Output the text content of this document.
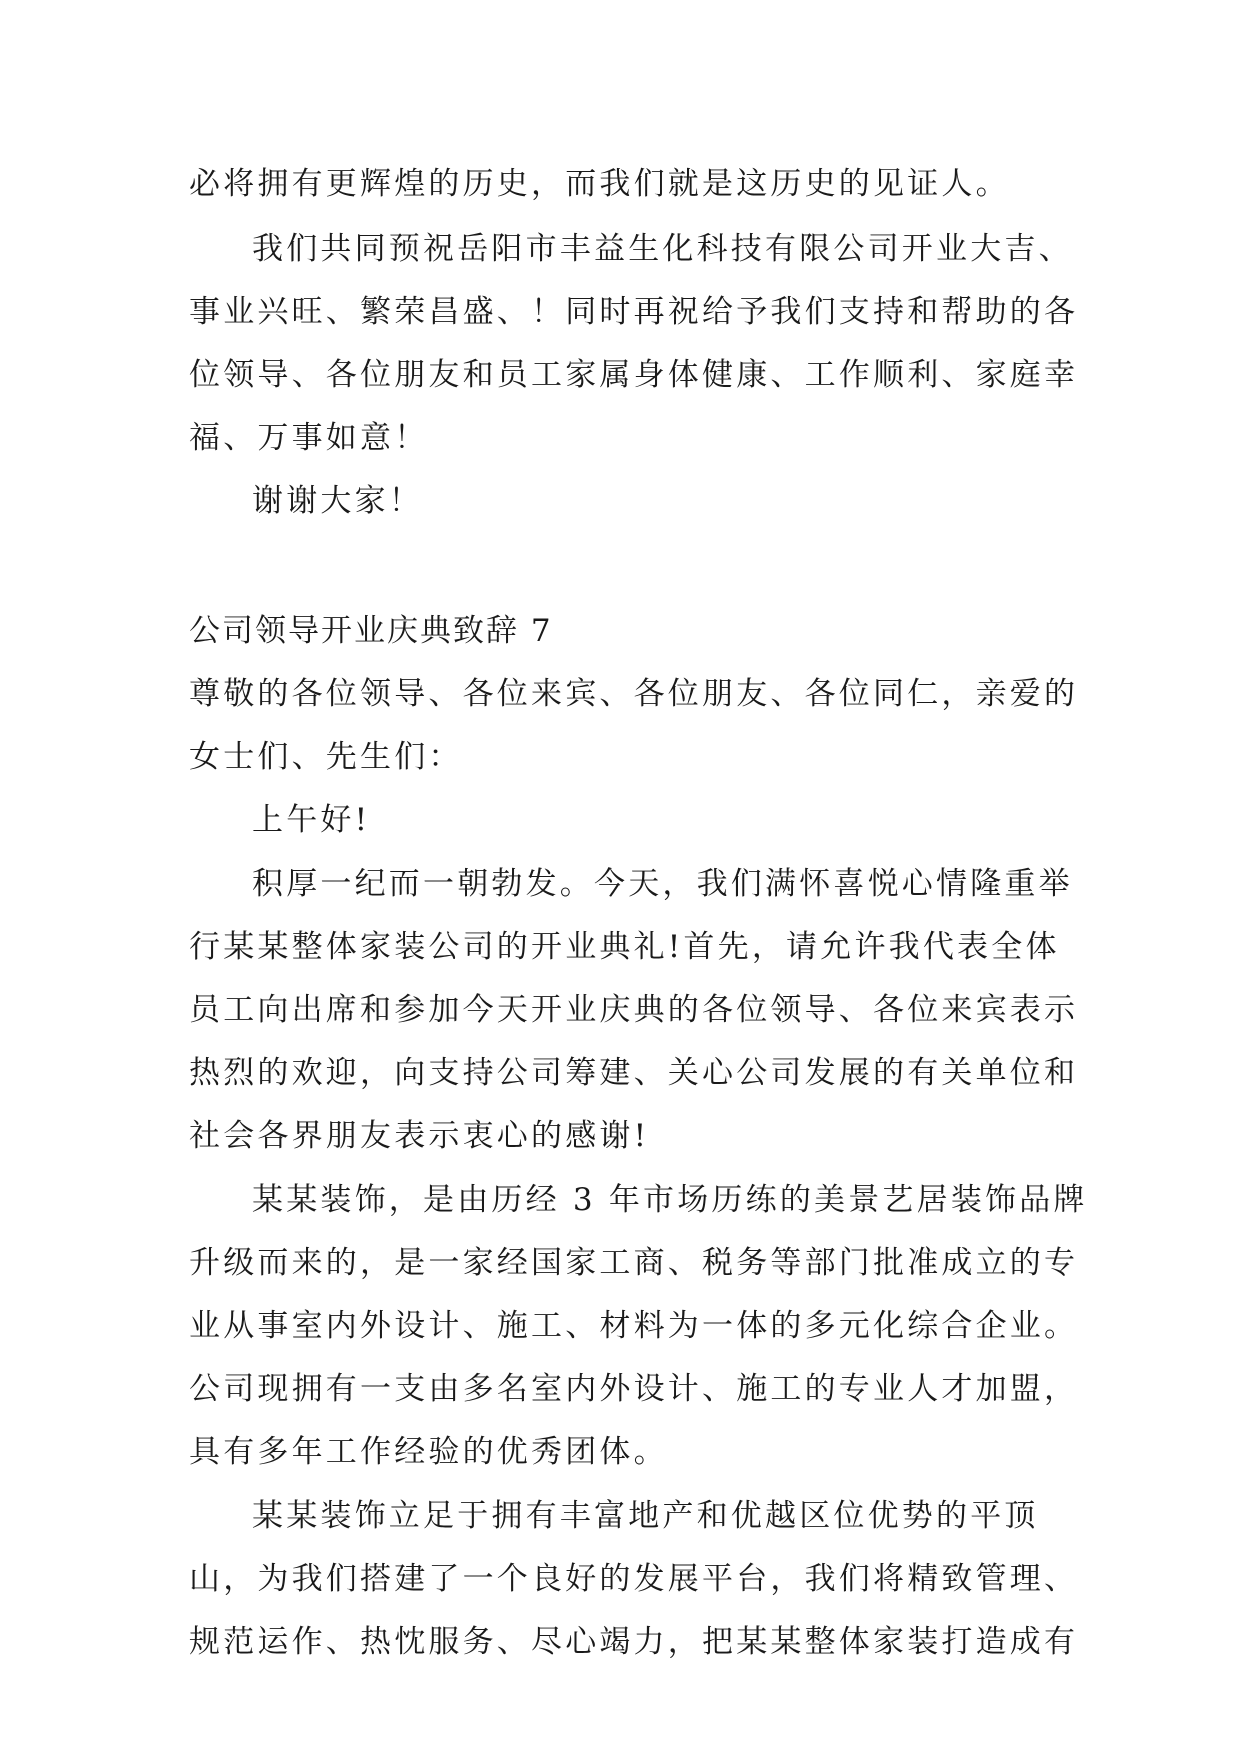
必将拥有更辉煌的历史，而我们就是这历史的见证人。
我们共同预祝岳阳市丰益生化科技有限公司开业大吉、
事业兴旺、繁荣昌盛、！同时再祝给予我们支持和帮助的各
位领导、各位朋友和员工家属身体健康、工作顺利、家庭幸
福、万事如意！
谢谢大家！
公司领导开业庆典致辞 7
尊敬的各位领导、各位来宾、各位朋友、各位同仁，亲爱的
女士们、先生们：
上午好!
积厚一纪而一朝勃发。今天，我们满怀喜悦心情隆重举
行某某整体家装公司的开业典礼!首先，请允许我代表全体
员工向出席和参加今天开业庆典的各位领导、各位来宾表示
热烈的欢迎，向支持公司筹建、关心公司发展的有关单位和
社会各界朋友表示衷心的感谢!
某某装饰，是由历经 3 年市场历练的美景艺居装饰品牌
升级而来的，是一家经国家工商、税务等部门批准成立的专
业从事室内外设计、施工、材料为一体的多元化综合企业。
公司现拥有一支由多名室内外设计、施工的专业人才加盟，
具有多年工作经验的优秀团体。
某某装饰立足于拥有丰富地产和优越区位优势的平顶
山，为我们搭建了一个良好的发展平台，我们将精致管理、
规范运作、热忱服务、尽心竭力，把某某整体家装打造成有
